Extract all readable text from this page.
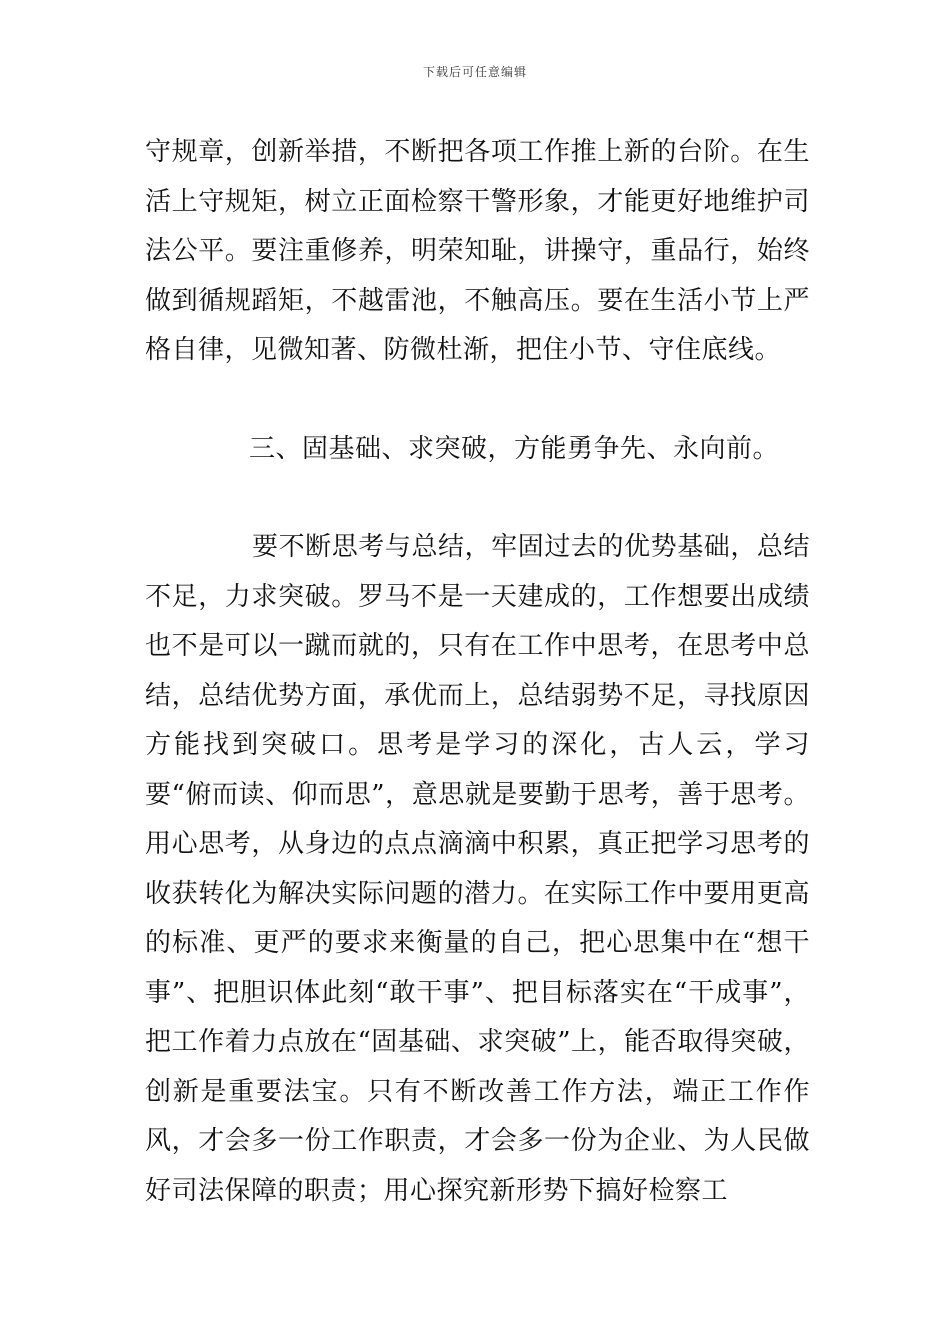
下载后可任意编辑

守规章，创新举措，不断把各项工作推上新的台阶。在生活上守规矩，树立正面检察干警形象，才能更好地维护司法公平。要注重修养，明荣知耻，讲操守，重品行，始终做到循规蹈矩，不越雷池，不触高压。要在生活小节上严格自律，见微知著、防微杜渐，把住小节、守住底线。

三、固基础、求突破，方能勇争先、永向前。

要不断思考与总结，牢固过去的优势基础，总结不足，力求突破。罗马不是一天建成的，工作想要出成绩也不是可以一蹴而就的，只有在工作中思考，在思考中总结，总结优势方面，承优而上，总结弱势不足，寻找原因方能找到突破口。思考是学习的深化，古人云，学习要“俯而读、仰而思”，意思就是要勤于思考，善于思考。用心思考，从身边的点点滴滴中积累，真正把学习思考的收获转化为解决实际问题的潜力。在实际工作中要用更高的标准、更严的要求来衡量的自己，把心思集中在“想干事”、把胆识体此刻“敢干事”、把目标落实在“干成事”，把工作着力点放在“固基础、求突破”上，能否取得突破，创新是重要法宝。只有不断改善工作方法，端正工作作风，才会多一份工作职责，才会多一份为企业、为人民做好司法保障的职责；用心探究新形势下搞好检察工
